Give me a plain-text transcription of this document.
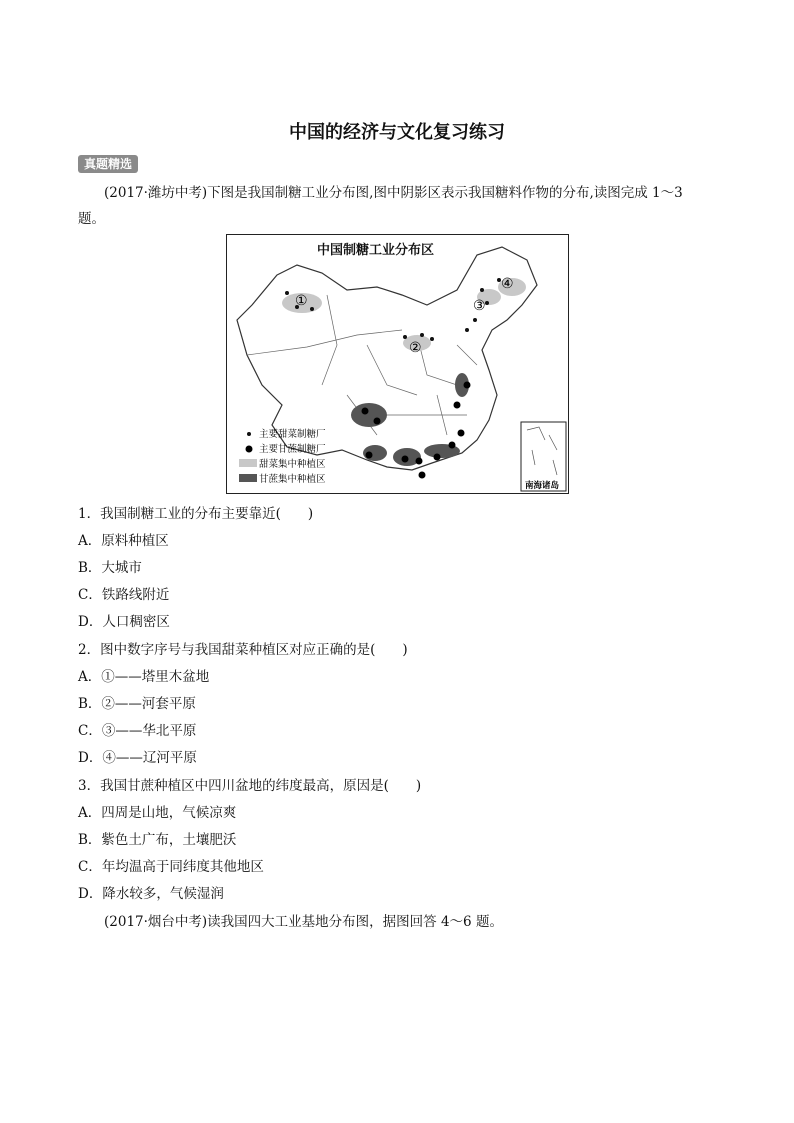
中国的经济与文化复习练习
真题精选
(2017·潍坊中考)下图是我国制糖工业分布图,图中阴影区表示我国糖料作物的分布,读图完成 1～3
题。
①
②
③
④
主要甜菜制糖厂
主要甘蔗制糖厂
甜菜集中种植区
甘蔗集中种植区
南海诸岛
中国制糖工业分布区
1．我国制糖工业的分布主要靠近(　　)
A．原料种植区
B．大城市
C．铁路线附近
D．人口稠密区
2．图中数字序号与我国甜菜种植区对应正确的是(　　)
A．①——塔里木盆地
B．②——河套平原
C．③——华北平原
D．④——辽河平原
3．我国甘蔗种植区中四川盆地的纬度最高，原因是(　　)
A．四周是山地，气候凉爽
B．紫色土广布，土壤肥沃
C．年均温高于同纬度其他地区
D．降水较多，气候湿润
(2017·烟台中考)读我国四大工业基地分布图，据图回答 4～6 题。
